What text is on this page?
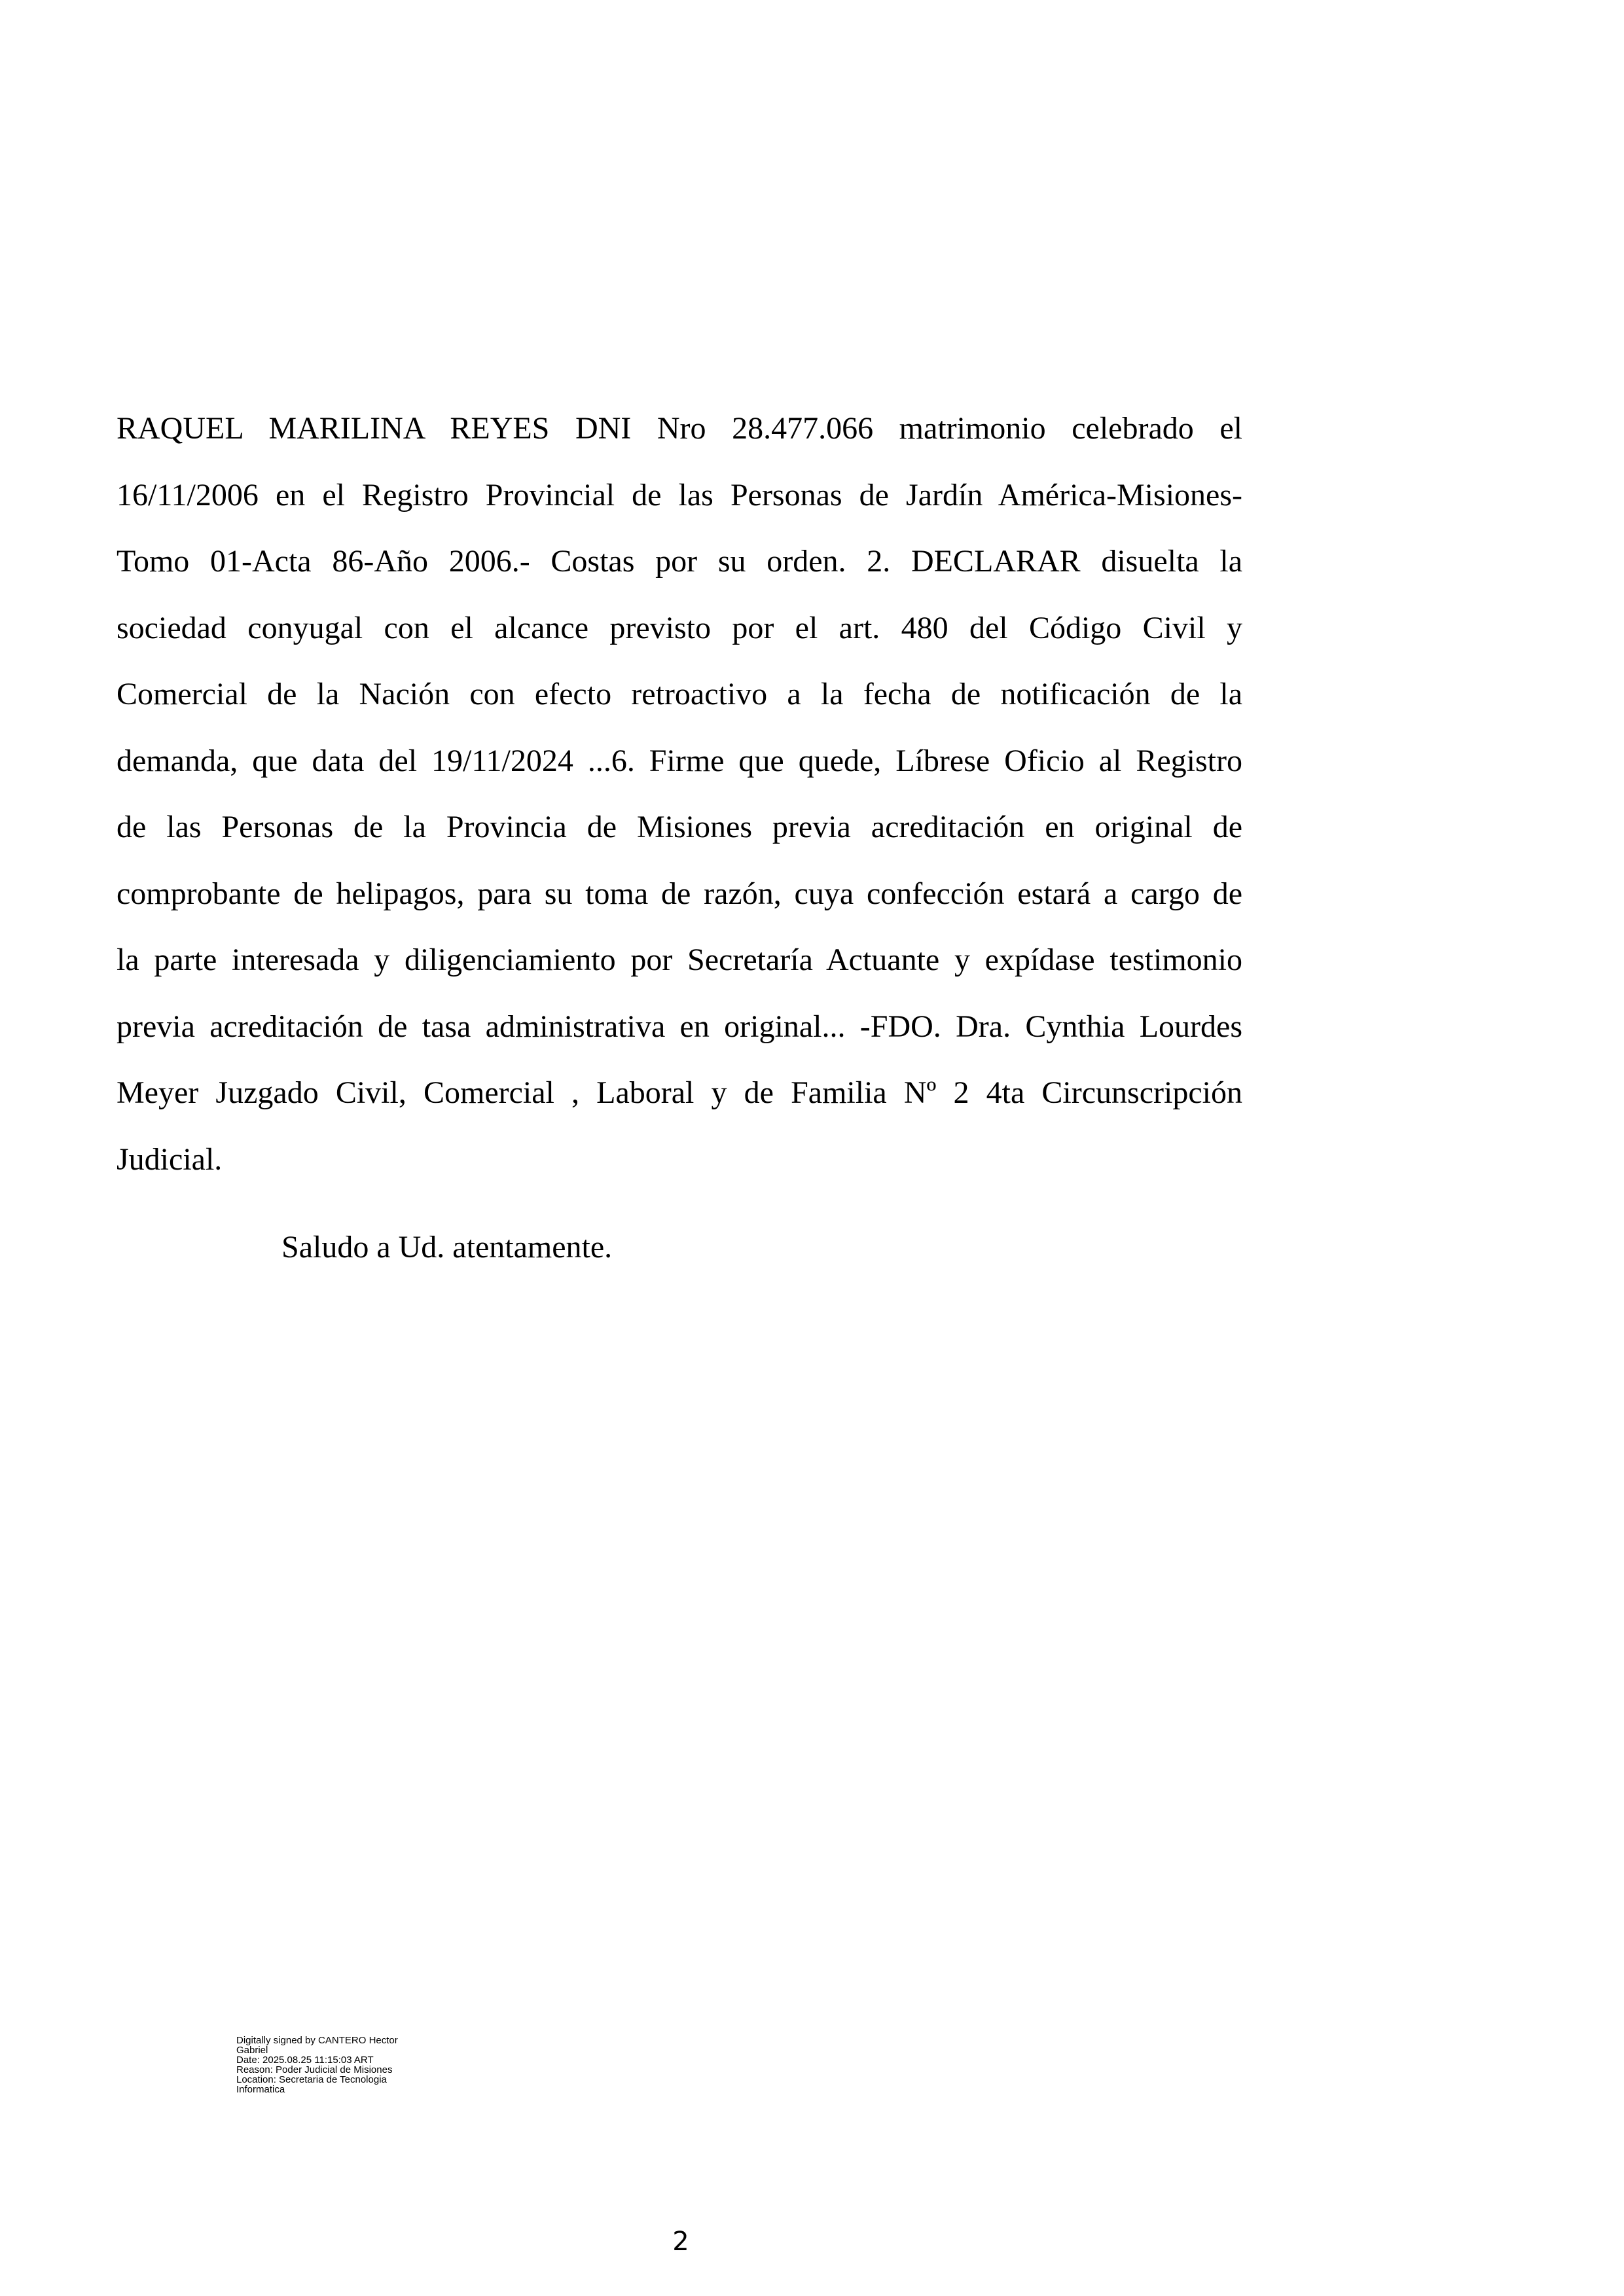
RAQUEL MARILINA REYES DNI Nro 28.477.066 matrimonio celebrado el
16/11/2006 en el Registro Provincial de las Personas de Jardín América-Misiones-
Tomo 01-Acta 86-Año 2006.- Costas por su orden. 2. DECLARAR disuelta la
sociedad conyugal con el alcance previsto por el art. 480 del Código Civil y
Comercial de la Nación con efecto retroactivo a la fecha de notificación de la
demanda, que data del 19/11/2024 ...6. Firme que quede, Líbrese Oficio al Registro
de las Personas de la Provincia de Misiones previa acreditación en original de
comprobante de helipagos, para su toma de razón, cuya confección estará a cargo de
la parte interesada y diligenciamiento por Secretaría Actuante y expídase testimonio
previa acreditación de tasa administrativa en original... -FDO. Dra. Cynthia Lourdes
Meyer Juzgado Civil, Comercial , Laboral y de Familia Nº 2 4ta Circunscripción
Judicial.

Saludo a Ud. atentamente.

Digitally signed by CANTERO Hector
Gabriel
Date: 2025.08.25 11:15:03 ART
Reason: Poder Judicial de Misiones
Location: Secretaria de Tecnologia
Informatica
2
